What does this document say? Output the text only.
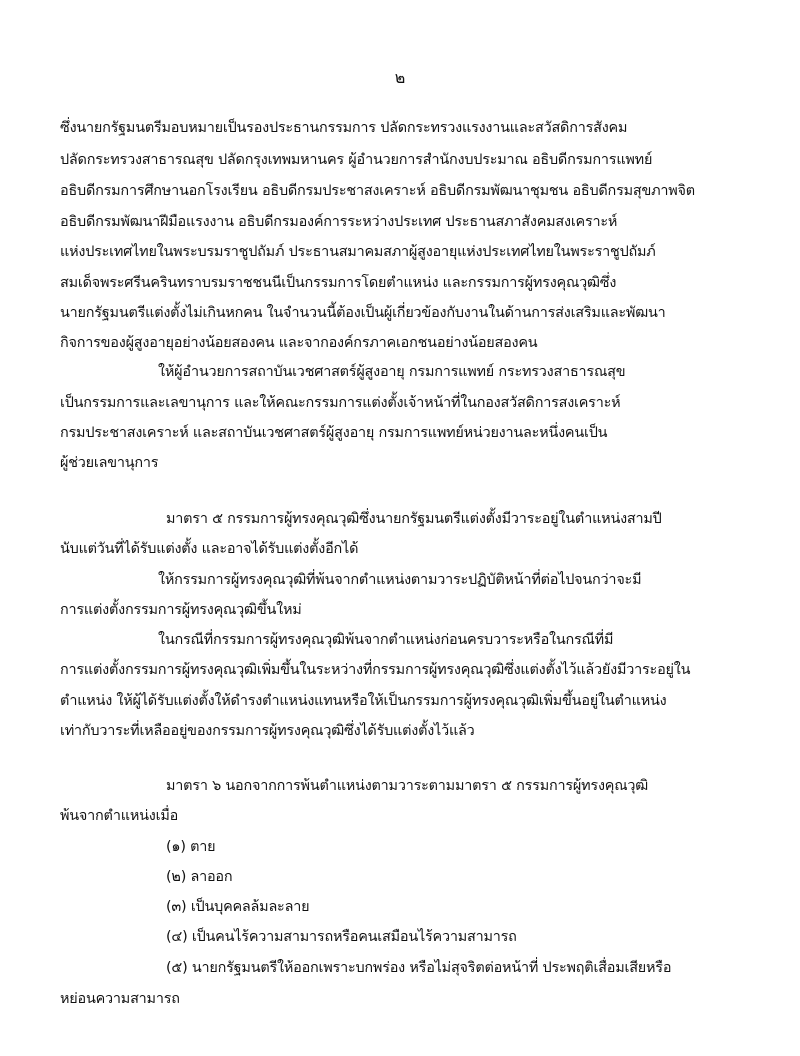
๒
ซึ่งนายกรัฐมนตรีมอบหมายเป็นรองประธานกรรมการ ปลัดกระทรวงแรงงานและสวัสดิการสังคม
ปลัดกระทรวงสาธารณสุข ปลัดกรุงเทพมหานคร ผู้อำนวยการสำนักงบประมาณ อธิบดีกรมการแพทย์
อธิบดีกรมการศึกษานอกโรงเรียน อธิบดีกรมประชาสงเคราะห์ อธิบดีกรมพัฒนาชุมชน อธิบดีกรมสุขภาพจิต
อธิบดีกรมพัฒนาฝีมือแรงงาน อธิบดีกรมองค์การระหว่างประเทศ ประธานสภาสังคมสงเคราะห์
แห่งประเทศไทยในพระบรมราชูปถัมภ์ ประธานสมาคมสภาผู้สูงอายุแห่งประเทศไทยในพระราชูปถัมภ์
สมเด็จพระศรีนครินทราบรมราชชนนีเป็นกรรมการโดยตำแหน่ง และกรรมการผู้ทรงคุณวุฒิซึ่ง
นายกรัฐมนตรีแต่งตั้งไม่เกินหกคน ในจำนวนนี้ต้องเป็นผู้เกี่ยวข้องกับงานในด้านการส่งเสริมและพัฒนา
กิจการของผู้สูงอายุอย่างน้อยสองคน และจากองค์กรภาคเอกชนอย่างน้อยสองคน
ให้ผู้อำนวยการสถาบันเวชศาสตร์ผู้สูงอายุ กรมการแพทย์ กระทรวงสาธารณสุข
เป็นกรรมการและเลขานุการ และให้คณะกรรมการแต่งตั้งเจ้าหน้าที่ในกองสวัสดิการสงเคราะห์
กรมประชาสงเคราะห์ และสถาบันเวชศาสตร์ผู้สูงอายุ กรมการแพทย์หน่วยงานละหนึ่งคนเป็น
ผู้ช่วยเลขานุการ
มาตรา ๕ กรรมการผู้ทรงคุณวุฒิซึ่งนายกรัฐมนตรีแต่งตั้งมีวาระอยู่ในตำแหน่งสามปี
นับแต่วันที่ได้รับแต่งตั้ง และอาจได้รับแต่งตั้งอีกได้
ให้กรรมการผู้ทรงคุณวุฒิที่พ้นจากตำแหน่งตามวาระปฏิบัติหน้าที่ต่อไปจนกว่าจะมี
การแต่งตั้งกรรมการผู้ทรงคุณวุฒิขึ้นใหม่
ในกรณีที่กรรมการผู้ทรงคุณวุฒิพ้นจากตำแหน่งก่อนครบวาระหรือในกรณีที่มี
การแต่งตั้งกรรมการผู้ทรงคุณวุฒิเพิ่มขึ้นในระหว่างที่กรรมการผู้ทรงคุณวุฒิซึ่งแต่งตั้งไว้แล้วยังมีวาระอยู่ใน
ตำแหน่ง ให้ผู้ได้รับแต่งตั้งให้ดำรงตำแหน่งแทนหรือให้เป็นกรรมการผู้ทรงคุณวุฒิเพิ่มขึ้นอยู่ในตำแหน่ง
เท่ากับวาระที่เหลืออยู่ของกรรมการผู้ทรงคุณวุฒิซึ่งได้รับแต่งตั้งไว้แล้ว
มาตรา ๖ นอกจากการพ้นตำแหน่งตามวาระตามมาตรา ๕ กรรมการผู้ทรงคุณวุฒิ
พ้นจากตำแหน่งเมื่อ
(๑) ตาย
(๒) ลาออก
(๓) เป็นบุคคลล้มละลาย
(๔) เป็นคนไร้ความสามารถหรือคนเสมือนไร้ความสามารถ
(๕) นายกรัฐมนตรีให้ออกเพราะบกพร่อง หรือไม่สุจริตต่อหน้าที่ ประพฤติเสื่อมเสียหรือ
หย่อนความสามารถ
